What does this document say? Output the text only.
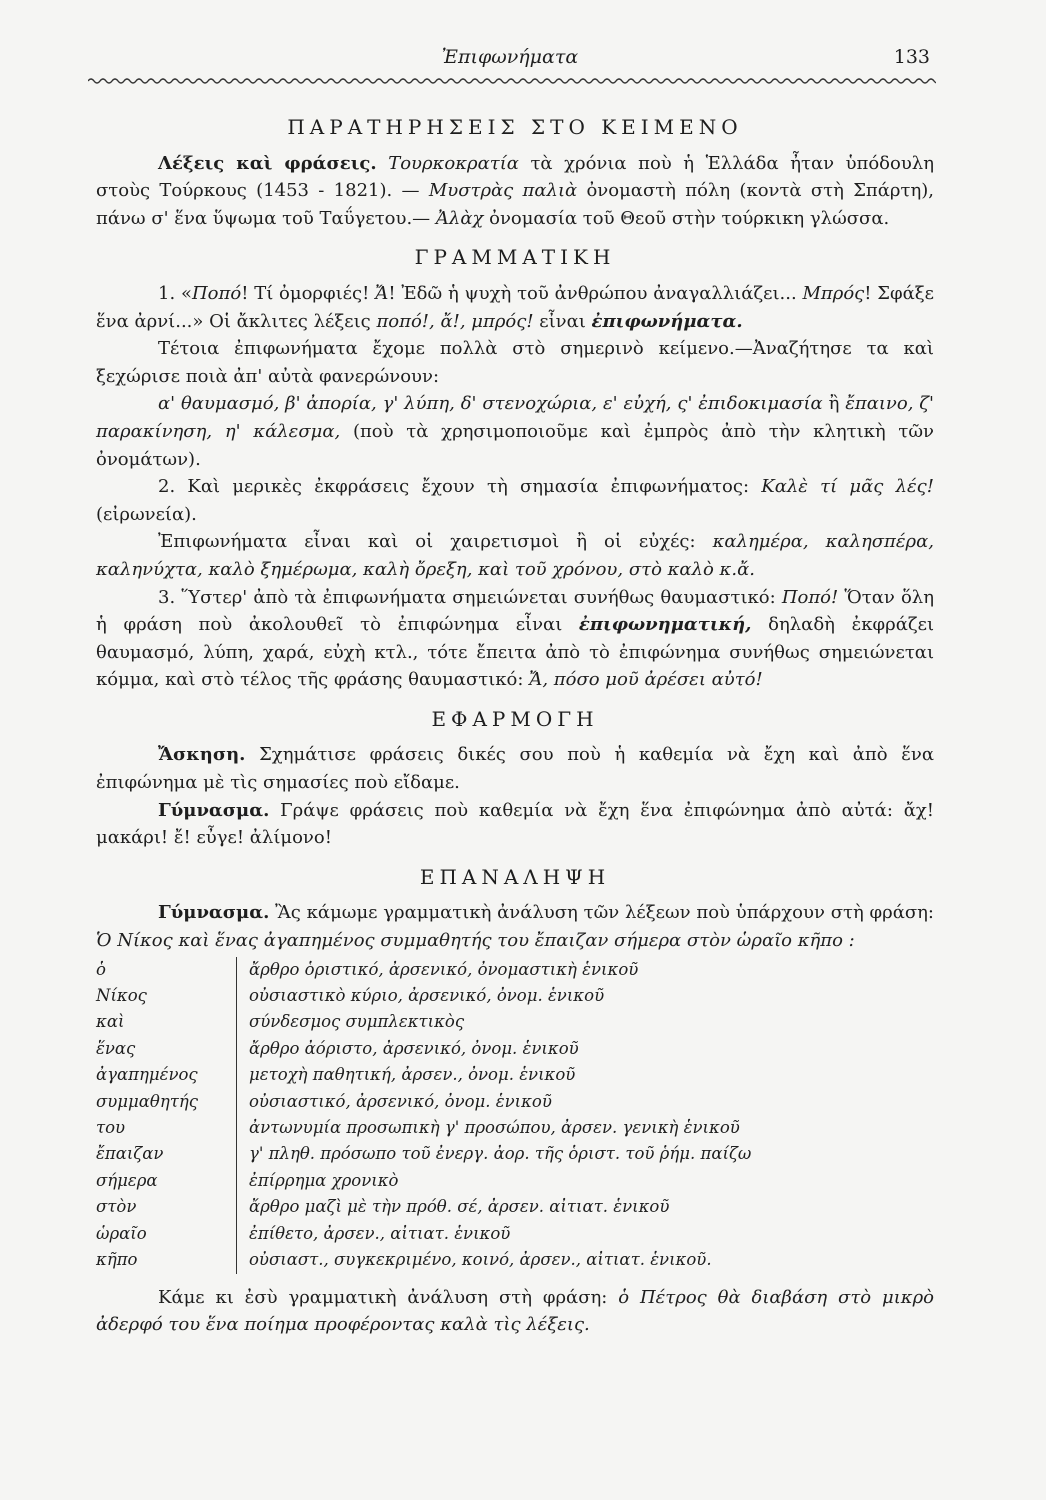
Ἐπιφωνήματα	133
ΠΑΡΑΤΗΡΗΣΕΙΣ ΣΤΟ ΚΕΙΜΕΝΟ

Λέξεις καὶ φράσεις. Τουρκοκρατία τὰ χρόνια ποὺ ἡ Ἑλλάδα ἦταν ὑπόδουλη στοὺς Τούρκους (1453 - 1821). — Μυστρὰς παλιὰ ὀνομαστὴ πόλη (κοντὰ στὴ Σπάρτη), πάνω σ' ἕνα ὕψωμα τοῦ Ταΰγετου.— Ἀλὰχ ὀνομασία τοῦ Θεοῦ στὴν τούρκικη γλώσσα.

ΓΡΑΜΜΑΤΙΚΗ

1. «Ποπό! Τί ὀμορφιές! Ἄ! Ἐδῶ ἡ ψυχὴ τοῦ ἀνθρώπου ἀναγαλλιάζει... Μπρός! Σφάξε ἕνα ἀρνί...» Οἱ ἄκλιτες λέξεις ποπό!, ἄ!, μπρός! εἶναι ἐπιφωνήματα.

Τέτοια ἐπιφωνήματα ἔχομε πολλὰ στὸ σημερινὸ κείμενο.—Ἀναζήτησε τα καὶ ξεχώρισε ποιὰ ἀπ' αὐτὰ φανερώνουν:

α' θαυμασμό, β' ἀπορία, γ' λύπη, δ' στενοχώρια, ε' εὐχή, ς' ἐπιδοκιμασία ἢ ἔπαινο, ζ' παρακίνηση, η' κάλεσμα, (ποὺ τὰ χρησιμοποιοῦμε καὶ ἐμπρὸς ἀπὸ τὴν κλητικὴ τῶν ὀνομάτων).

2. Καὶ μερικὲς ἐκφράσεις ἔχουν τὴ σημασία ἐπιφωνήματος: Καλὲ τί μᾶς λές! (εἰρωνεία).

Ἐπιφωνήματα εἶναι καὶ οἱ χαιρετισμοὶ ἢ οἱ εὐχές: καλημέρα, καλησπέρα, καληνύχτα, καλὸ ξημέρωμα, καλὴ ὄρεξη, καὶ τοῦ χρόνου, στὸ καλὸ κ.ἄ.

3. Ὕστερ' ἀπὸ τὰ ἐπιφωνήματα σημειώνεται συνήθως θαυμαστικό: Ποπό! Ὅταν ὅλη ἡ φράση ποὺ ἀκολουθεῖ τὸ ἐπιφώνημα εἶναι ἐπιφωνηματική, δηλαδὴ ἐκφράζει θαυμασμό, λύπη, χαρά, εὐχὴ κτλ., τότε ἔπειτα ἀπὸ τὸ ἐπιφώνημα συνήθως σημειώνεται κόμμα, καὶ στὸ τέλος τῆς φράσης θαυμαστικό: Ἄ, πόσο μοῦ ἀρέσει αὐτό!

ΕΦΑΡΜΟΓΗ

Ἄσκηση. Σχημάτισε φράσεις δικές σου ποὺ ἡ καθεμία νὰ ἔχη καὶ ἀπὸ ἕνα ἐπιφώνημα μὲ τὶς σημασίες ποὺ εἴδαμε.

Γύμνασμα. Γράψε φράσεις ποὺ καθεμία νὰ ἔχη ἕνα ἐπιφώνημα ἀπὸ αὐτά: ἄχ! μακάρι! ἔ! εὖγε! ἀλίμονο!

ΕΠΑΝΑΛΗΨΗ

Γύμνασμα. Ἂς κάμωμε γραμματικὴ ἀνάλυση τῶν λέξεων ποὺ ὑπάρχουν στὴ φράση: Ὁ Νίκος καὶ ἕνας ἀγαπημένος συμμαθητής του ἔπαιζαν σήμερα στὸν ὡραῖο κῆπο :

ὁ	ἄρθρο ὁριστικό, ἀρσενικό, ὀνομαστικὴ ἑνικοῦ
Νίκος	οὐσιαστικὸ κύριο, ἀρσενικό, ὀνομ. ἑνικοῦ
καὶ	σύνδεσμος συμπλεκτικὸς
ἕνας	ἄρθρο ἀόριστο, ἀρσενικό, ὀνομ. ἑνικοῦ
ἀγαπημένος	μετοχὴ παθητική, ἀρσεν., ὀνομ. ἑνικοῦ
συμμαθητής	οὐσιαστικό, ἀρσενικό, ὀνομ. ἑνικοῦ
του	ἀντωνυμία προσωπικὴ γ' προσώπου, ἀρσεν. γενικὴ ἑνικοῦ
ἔπαιζαν	γ' πληθ. πρόσωπο τοῦ ἐνεργ. ἀορ. τῆς ὁριστ. τοῦ ῥήμ. παίζω
σήμερα	ἐπίρρημα χρονικὸ
στὸν	ἄρθρο μαζὶ μὲ τὴν πρόθ. σέ, ἀρσεν. αἰτιατ. ἑνικοῦ
ὡραῖο	ἐπίθετο, ἀρσεν., αἰτιατ. ἑνικοῦ
κῆπο	οὐσιαστ., συγκεκριμένο, κοινό, ἀρσεν., αἰτιατ. ἑνικοῦ.

Κάμε κι ἐσὺ γραμματικὴ ἀνάλυση στὴ φράση: ὁ Πέτρος θὰ διαβάση στὸ μικρὸ ἀδερφό του ἕνα ποίημα προφέροντας καλὰ τὶς λέξεις.
